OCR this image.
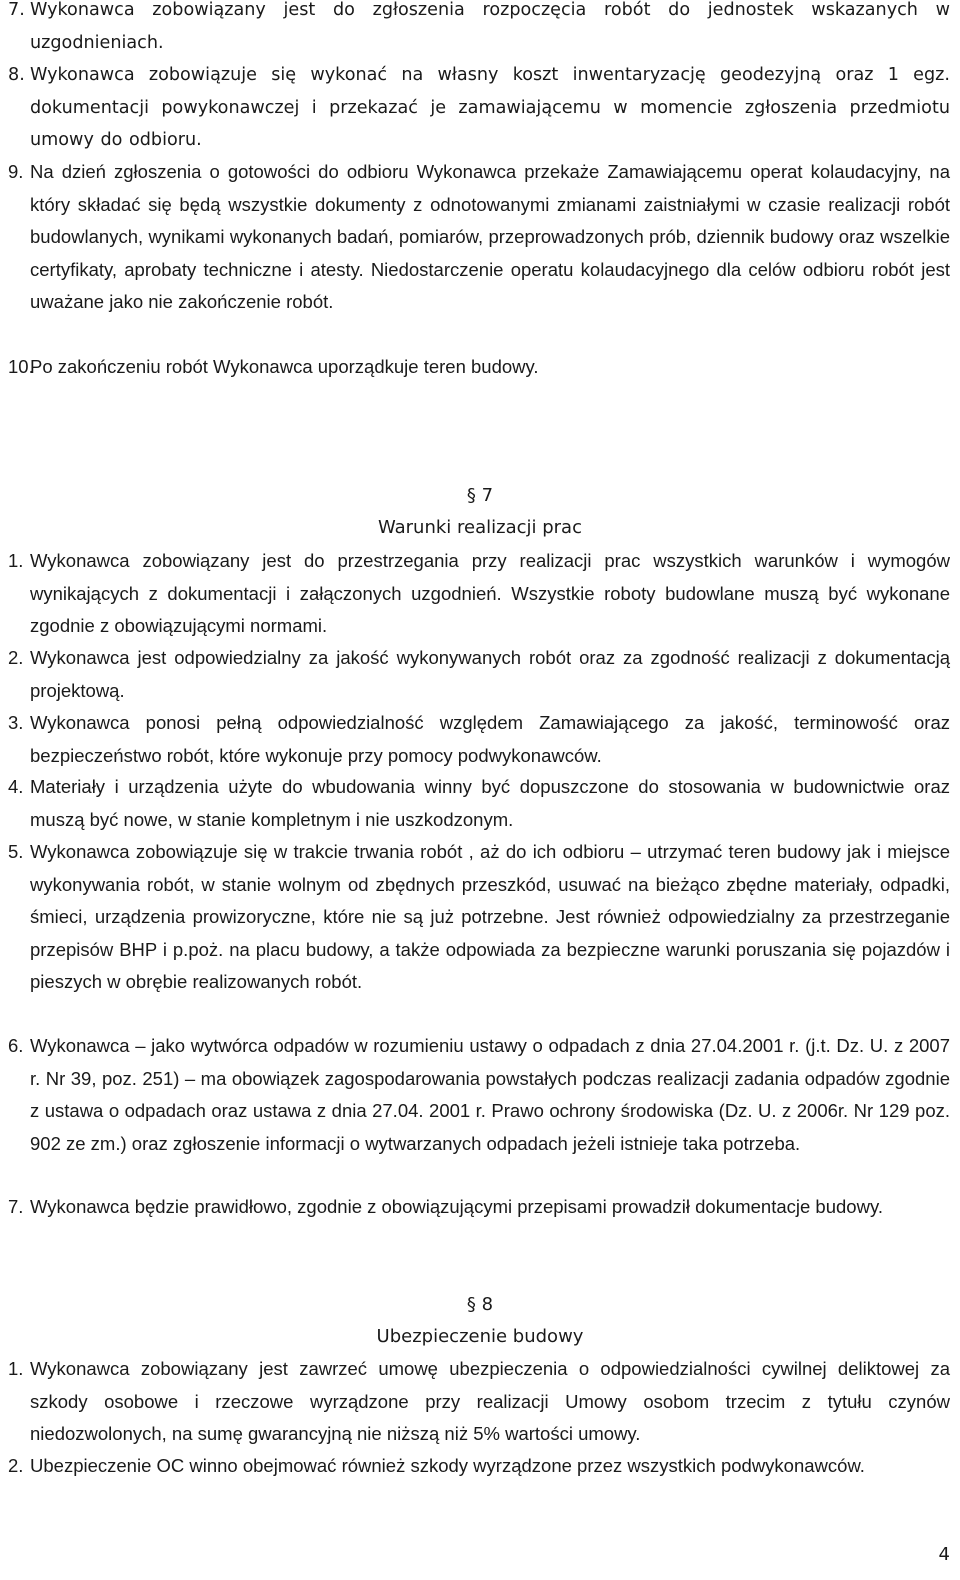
7. Wykonawca zobowiązany jest do zgłoszenia rozpoczęcia robót do jednostek wskazanych w uzgodnieniach.

8. Wykonawca zobowiązuje się wykonać na własny koszt inwentaryzację geodezyjną oraz 1 egz. dokumentacji powykonawczej i przekazać je zamawiającemu w momencie zgłoszenia przedmiotu umowy do odbioru.

9. Na dzień zgłoszenia o gotowości do odbioru Wykonawca przekaże Zamawiającemu operat kolaudacyjny, na który składać się będą wszystkie dokumenty z odnotowanymi zmianami zaistniałymi w czasie realizacji robót budowlanych, wynikami wykonanych badań, pomiarów, przeprowadzonych prób, dziennik budowy oraz wszelkie certyfikaty, aprobaty techniczne i atesty. Niedostarczenie operatu kolaudacyjnego dla celów odbioru robót jest uważane jako nie zakończenie robót.

10.
Po zakończeniu robót Wykonawca uporządkuje teren budowy.

§ 7

Warunki realizacji prac

1. Wykonawca zobowiązany jest do przestrzegania przy realizacji prac wszystkich warunków i wymogów wynikających z dokumentacji i załączonych uzgodnień. Wszystkie roboty budowlane muszą być wykonane zgodnie z obowiązującymi normami.

2. Wykonawca jest odpowiedzialny za jakość wykonywanych robót oraz za zgodność realizacji z dokumentacją projektową.

3. Wykonawca ponosi pełną odpowiedzialność względem Zamawiającego za jakość, terminowość oraz bezpieczeństwo robót, które wykonuje przy pomocy podwykonawców.

4. Materiały i urządzenia użyte do wbudowania winny być dopuszczone do stosowania w budownictwie oraz muszą być nowe, w stanie kompletnym i nie uszkodzonym.

5. Wykonawca zobowiązuje się w trakcie trwania robót , aż do ich odbioru – utrzymać teren budowy jak i miejsce wykonywania robót, w stanie wolnym od zbędnych przeszkód, usuwać na bieżąco zbędne materiały, odpadki, śmieci, urządzenia prowizoryczne, które nie są już potrzebne. Jest również odpowiedzialny za przestrzeganie przepisów BHP i p.poż. na placu budowy, a także odpowiada za bezpieczne warunki poruszania się pojazdów i pieszych w obrębie realizowanych robót.

6. Wykonawca – jako wytwórca odpadów w rozumieniu ustawy o odpadach z dnia 27.04.2001 r. (j.t. Dz. U. z 2007 r. Nr 39, poz. 251) – ma obowiązek zagospodarowania powstałych podczas realizacji zadania odpadów zgodnie z ustawa o odpadach oraz ustawa z dnia 27.04. 2001 r. Prawo ochrony środowiska (Dz. U. z 2006r. Nr 129 poz. 902 ze zm.) oraz zgłoszenie informacji o wytwarzanych odpadach jeżeli istnieje taka potrzeba.

7. Wykonawca będzie prawidłowo, zgodnie z obowiązującymi przepisami prowadził dokumentacje budowy.

§ 8

Ubezpieczenie budowy

1. Wykonawca zobowiązany jest zawrzeć umowę ubezpieczenia o odpowiedzialności cywilnej deliktowej za szkody osobowe i rzeczowe wyrządzone przy realizacji Umowy osobom trzecim z tytułu czynów niedozwolonych, na sumę gwarancyjną nie niższą niż 5% wartości umowy.

2. Ubezpieczenie OC winno obejmować również szkody wyrządzone przez wszystkich podwykonawców.

4
